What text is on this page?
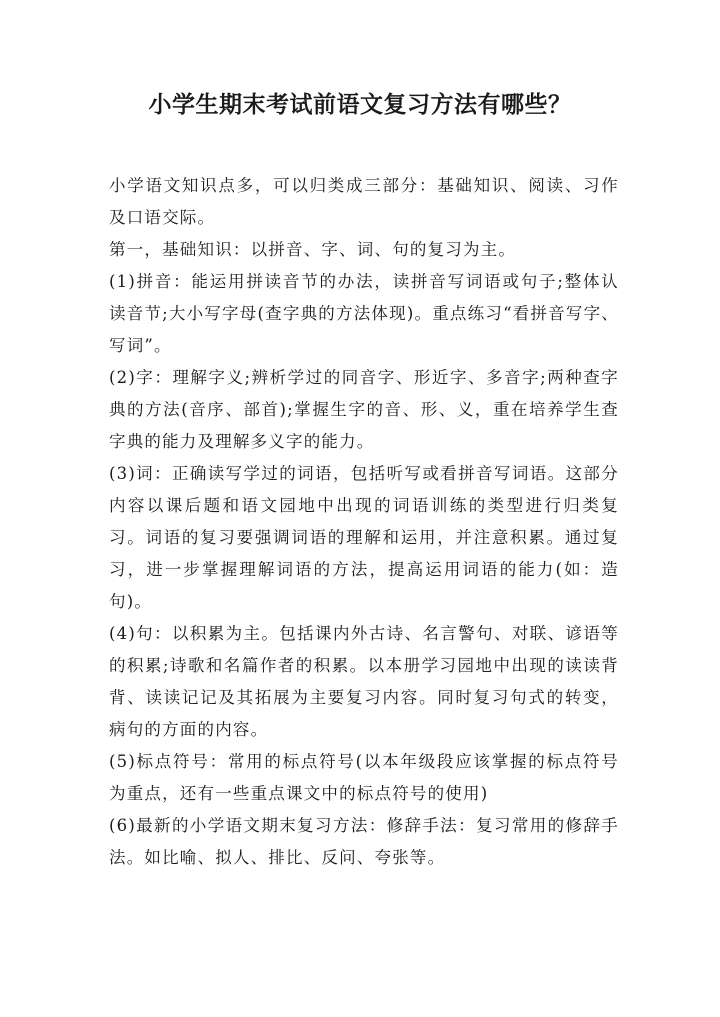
小学生期末考试前语文复习方法有哪些？

小学语文知识点多，可以归类成三部分：基础知识、阅读、习作及口语交际。

第一，基础知识：以拼音、字、词、句的复习为主。

(1)拼音：能运用拼读音节的办法，读拼音写词语或句子;整体认读音节;大小写字母(查字典的方法体现)。重点练习“看拼音写字、写词”。

(2)字：理解字义;辨析学过的同音字、形近字、多音字;两种查字典的方法(音序、部首);掌握生字的音、形、义，重在培养学生查字典的能力及理解多义字的能力。

(3)词：正确读写学过的词语，包括听写或看拼音写词语。这部分内容以课后题和语文园地中出现的词语训练的类型进行归类复习。词语的复习要强调词语的理解和运用，并注意积累。通过复习，进一步掌握理解词语的方法，提高运用词语的能力(如：造句)。

(4)句：以积累为主。包括课内外古诗、名言警句、对联、谚语等的积累;诗歌和名篇作者的积累。以本册学习园地中出现的读读背背、读读记记及其拓展为主要复习内容。同时复习句式的转变，病句的方面的内容。

(5)标点符号：常用的标点符号(以本年级段应该掌握的标点符号为重点，还有一些重点课文中的标点符号的使用)

(6)最新的小学语文期末复习方法：修辞手法：复习常用的修辞手法。如比喻、拟人、排比、反问、夸张等。
